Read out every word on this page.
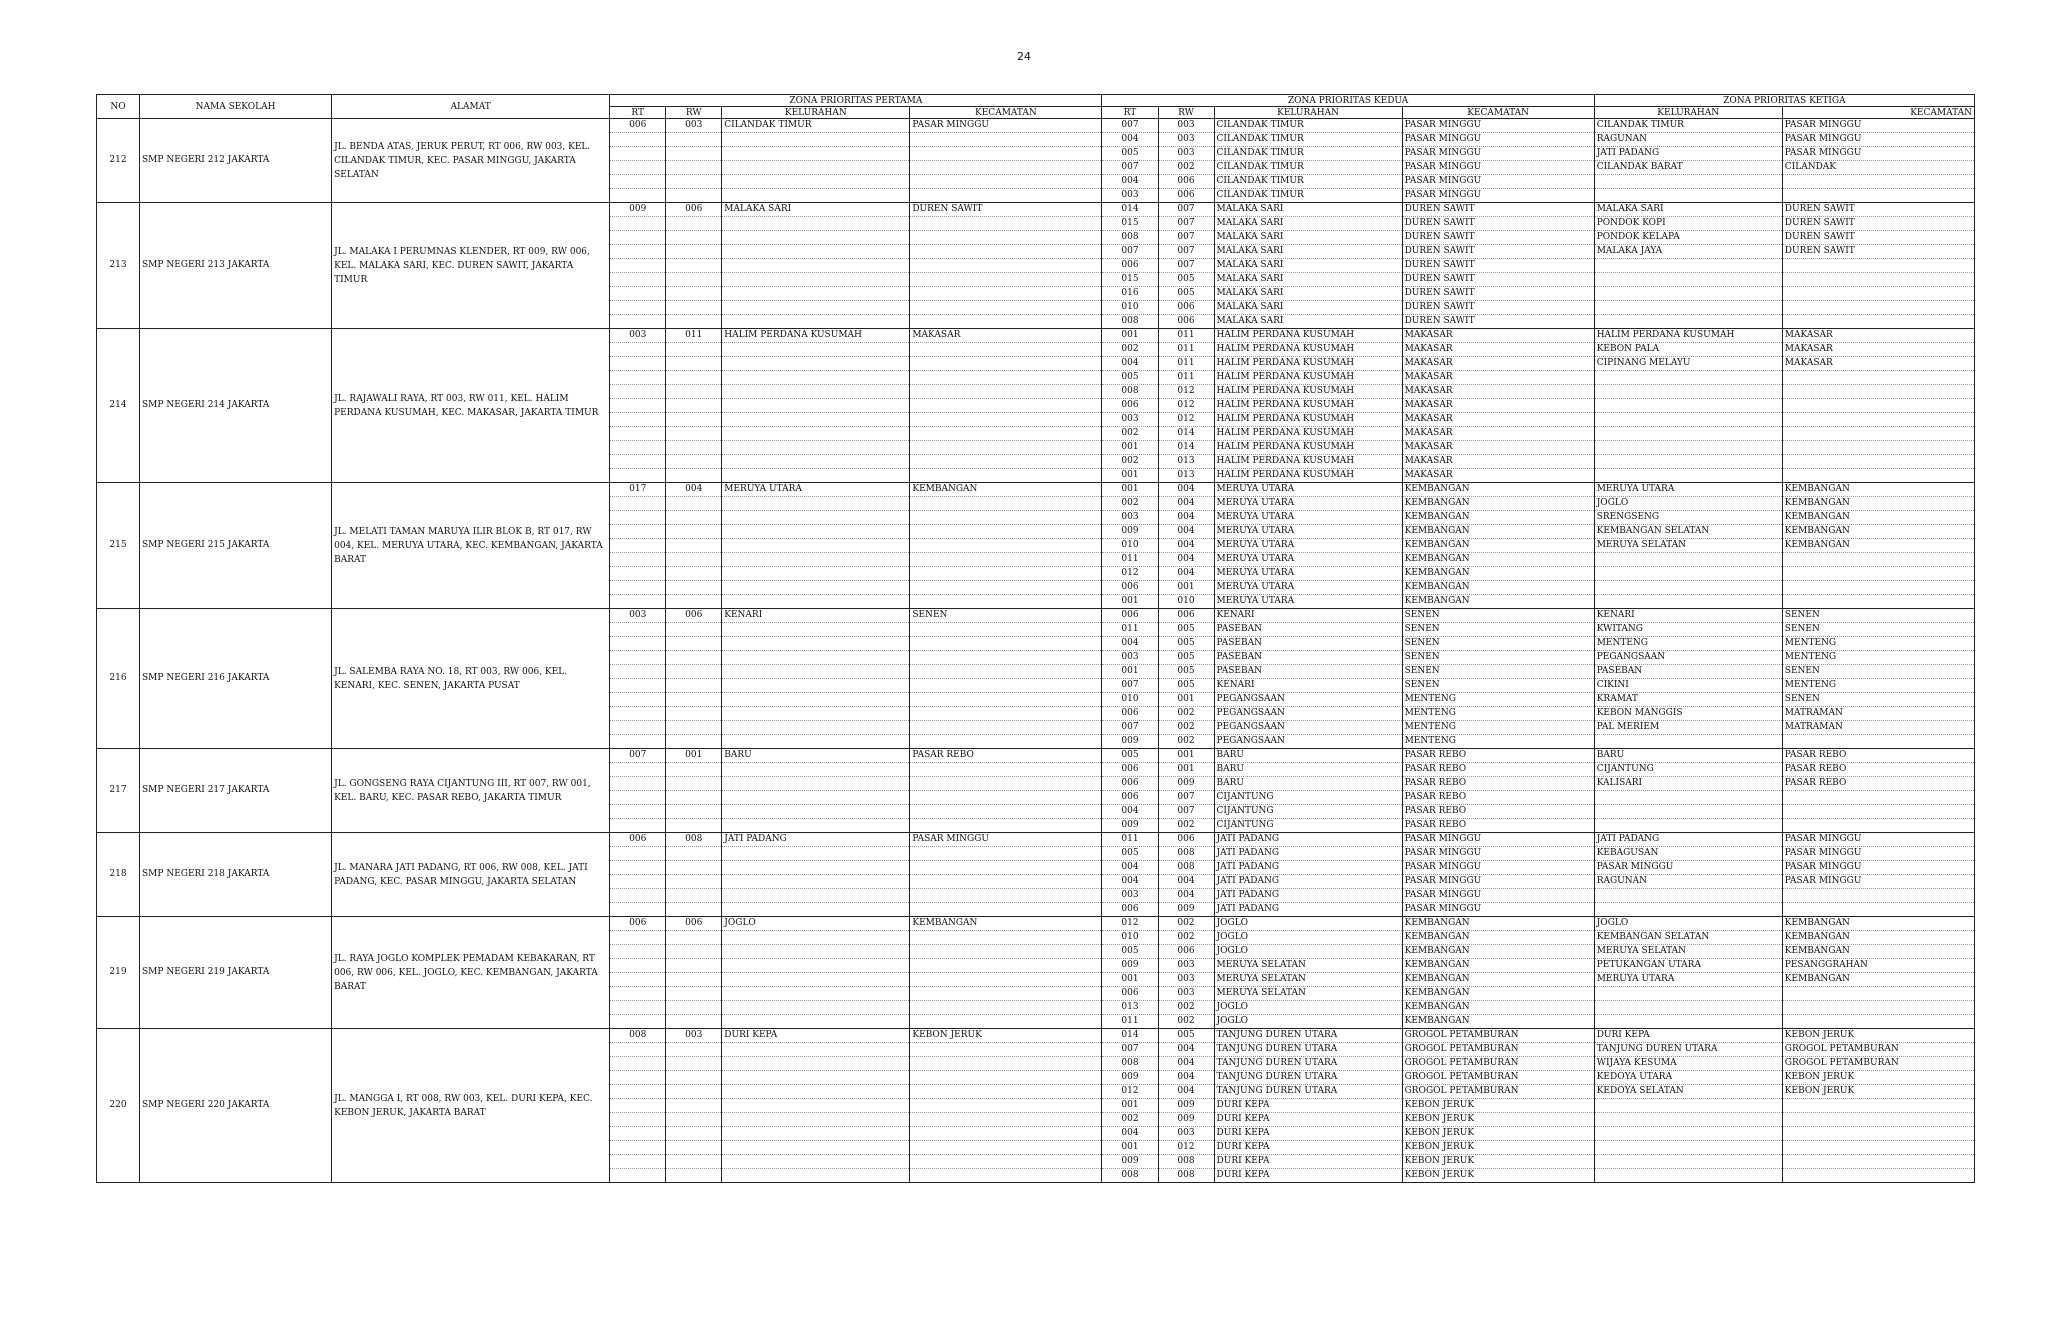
24
NO	NAMA SEKOLAH	ALAMAT	ZONA PRIORITAS PERTAMA				ZONA PRIORITAS KEDUA				ZONA PRIORITAS KETIGA	
			RT	RW	KELURAHAN	KECAMATAN	RT	RW	KELURAHAN	KECAMATAN	KELURAHAN	KECAMATAN
212	SMP NEGERI 212 JAKARTA	JL. BENDA ATAS, JERUK PERUT, RT 006, RW 003, KEL. CILANDAK TIMUR, KEC. PASAR MINGGU, JAKARTA SELATAN	006	003	CILANDAK TIMUR	PASAR MINGGU	007	003	CILANDAK TIMUR	PASAR MINGGU	CILANDAK TIMUR	PASAR MINGGU
							004	003	CILANDAK TIMUR	PASAR MINGGU	RAGUNAN	PASAR MINGGU
							005	003	CILANDAK TIMUR	PASAR MINGGU	JATI PADANG	PASAR MINGGU
							007	002	CILANDAK TIMUR	PASAR MINGGU	CILANDAK BARAT	CILANDAK
							004	006	CILANDAK TIMUR	PASAR MINGGU		
							003	006	CILANDAK TIMUR	PASAR MINGGU		
213	SMP NEGERI 213 JAKARTA	JL. MALAKA I PERUMNAS KLENDER, RT 009, RW 006, KEL. MALAKA SARI, KEC. DUREN SAWIT, JAKARTA TIMUR	009	006	MALAKA SARI	DUREN SAWIT	014	007	MALAKA SARI	DUREN SAWIT	MALAKA SARI	DUREN SAWIT
							015	007	MALAKA SARI	DUREN SAWIT	PONDOK KOPI	DUREN SAWIT
							008	007	MALAKA SARI	DUREN SAWIT	PONDOK KELAPA	DUREN SAWIT
							007	007	MALAKA SARI	DUREN SAWIT	MALAKA JAYA	DUREN SAWIT
							006	007	MALAKA SARI	DUREN SAWIT		
							015	005	MALAKA SARI	DUREN SAWIT		
							016	005	MALAKA SARI	DUREN SAWIT		
							010	006	MALAKA SARI	DUREN SAWIT		
							008	006	MALAKA SARI	DUREN SAWIT		
214	SMP NEGERI 214 JAKARTA	JL. RAJAWALI RAYA, RT 003, RW 011, KEL. HALIM PERDANA KUSUMAH, KEC. MAKASAR, JAKARTA TIMUR	003	011	HALIM PERDANA KUSUMAH	MAKASAR	001	011	HALIM PERDANA KUSUMAH	MAKASAR	HALIM PERDANA KUSUMAH	MAKASAR
							002	011	HALIM PERDANA KUSUMAH	MAKASAR	KEBON PALA	MAKASAR
							004	011	HALIM PERDANA KUSUMAH	MAKASAR	CIPINANG MELAYU	MAKASAR
							005	011	HALIM PERDANA KUSUMAH	MAKASAR		
							008	012	HALIM PERDANA KUSUMAH	MAKASAR		
							006	012	HALIM PERDANA KUSUMAH	MAKASAR		
							003	012	HALIM PERDANA KUSUMAH	MAKASAR		
							002	014	HALIM PERDANA KUSUMAH	MAKASAR		
							001	014	HALIM PERDANA KUSUMAH	MAKASAR		
							002	013	HALIM PERDANA KUSUMAH	MAKASAR		
							001	013	HALIM PERDANA KUSUMAH	MAKASAR		
215	SMP NEGERI 215 JAKARTA	JL. MELATI TAMAN MARUYA ILIR BLOK B, RT 017, RW 004, KEL. MERUYA UTARA, KEC. KEMBANGAN, JAKARTA BARAT	017	004	MERUYA UTARA	KEMBANGAN	001	004	MERUYA UTARA	KEMBANGAN	MERUYA UTARA	KEMBANGAN
							002	004	MERUYA UTARA	KEMBANGAN	JOGLO	KEMBANGAN
							003	004	MERUYA UTARA	KEMBANGAN	SRENGSENG	KEMBANGAN
							009	004	MERUYA UTARA	KEMBANGAN	KEMBANGAN SELATAN	KEMBANGAN
							010	004	MERUYA UTARA	KEMBANGAN	MERUYA SELATAN	KEMBANGAN
							011	004	MERUYA UTARA	KEMBANGAN		
							012	004	MERUYA UTARA	KEMBANGAN		
							006	001	MERUYA UTARA	KEMBANGAN		
							001	010	MERUYA UTARA	KEMBANGAN		
216	SMP NEGERI 216 JAKARTA	JL. SALEMBA RAYA NO. 18, RT 003, RW 006, KEL. KENARI, KEC. SENEN, JAKARTA PUSAT	003	006	KENARI	SENEN	006	006	KENARI	SENEN	KENARI	SENEN
							011	005	PASEBAN	SENEN	KWITANG	SENEN
							004	005	PASEBAN	SENEN	MENTENG	MENTENG
							003	005	PASEBAN	SENEN	PEGANGSAAN	MENTENG
							001	005	PASEBAN	SENEN	PASEBAN	SENEN
							007	005	KENARI	SENEN	CIKINI	MENTENG
							010	001	PEGANGSAAN	MENTENG	KRAMAT	SENEN
							006	002	PEGANGSAAN	MENTENG	KEBON MANGGIS	MATRAMAN
							007	002	PEGANGSAAN	MENTENG	PAL MERIEM	MATRAMAN
							009	002	PEGANGSAAN	MENTENG		
217	SMP NEGERI 217 JAKARTA	JL. GONGSENG RAYA CIJANTUNG III, RT 007, RW 001, KEL. BARU, KEC. PASAR REBO, JAKARTA TIMUR	007	001	BARU	PASAR REBO	005	001	BARU	PASAR REBO	BARU	PASAR REBO
							006	001	BARU	PASAR REBO	CIJANTUNG	PASAR REBO
							006	009	BARU	PASAR REBO	KALISARI	PASAR REBO
							006	007	CIJANTUNG	PASAR REBO		
							004	007	CIJANTUNG	PASAR REBO		
							009	002	CIJANTUNG	PASAR REBO		
218	SMP NEGERI 218 JAKARTA	JL. MANARA JATI PADANG, RT 006, RW 008, KEL. JATI PADANG, KEC. PASAR MINGGU, JAKARTA SELATAN	006	008	JATI PADANG	PASAR MINGGU	011	006	JATI PADANG	PASAR MINGGU	JATI PADANG	PASAR MINGGU
							005	008	JATI PADANG	PASAR MINGGU	KEBAGUSAN	PASAR MINGGU
							004	008	JATI PADANG	PASAR MINGGU	PASAR MINGGU	PASAR MINGGU
							004	004	JATI PADANG	PASAR MINGGU	RAGUNAN	PASAR MINGGU
							003	004	JATI PADANG	PASAR MINGGU		
							006	009	JATI PADANG	PASAR MINGGU		
219	SMP NEGERI 219 JAKARTA	JL. RAYA JOGLO KOMPLEK PEMADAM KEBAKARAN, RT 006, RW 006, KEL. JOGLO, KEC. KEMBANGAN, JAKARTA BARAT	006	006	JOGLO	KEMBANGAN	012	002	JOGLO	KEMBANGAN	JOGLO	KEMBANGAN
							010	002	JOGLO	KEMBANGAN	KEMBANGAN SELATAN	KEMBANGAN
							005	006	JOGLO	KEMBANGAN	MERUYA SELATAN	KEMBANGAN
							009	003	MERUYA SELATAN	KEMBANGAN	PETUKANGAN UTARA	PESANGGRAHAN
							001	003	MERUYA SELATAN	KEMBANGAN	MERUYA UTARA	KEMBANGAN
							006	003	MERUYA SELATAN	KEMBANGAN		
							013	002	JOGLO	KEMBANGAN		
							011	002	JOGLO	KEMBANGAN		
220	SMP NEGERI 220 JAKARTA	JL. MANGGA I, RT 008, RW 003, KEL. DURI KEPA, KEC. KEBON JERUK, JAKARTA BARAT	008	003	DURI KEPA	KEBON JERUK	014	005	TANJUNG DUREN UTARA	GROGOL PETAMBURAN	DURI KEPA	KEBON JERUK
							007	004	TANJUNG DUREN UTARA	GROGOL PETAMBURAN	TANJUNG DUREN UTARA	GROGOL PETAMBURAN
							008	004	TANJUNG DUREN UTARA	GROGOL PETAMBURAN	WIJAYA KESUMA	GROGOL PETAMBURAN
							009	004	TANJUNG DUREN UTARA	GROGOL PETAMBURAN	KEDOYA UTARA	KEBON JERUK
							012	004	TANJUNG DUREN UTARA	GROGOL PETAMBURAN	KEDOYA SELATAN	KEBON JERUK
							001	009	DURI KEPA	KEBON JERUK		
							002	009	DURI KEPA	KEBON JERUK		
							004	003	DURI KEPA	KEBON JERUK		
							001	012	DURI KEPA	KEBON JERUK		
							009	008	DURI KEPA	KEBON JERUK		
							008	008	DURI KEPA	KEBON JERUK		
